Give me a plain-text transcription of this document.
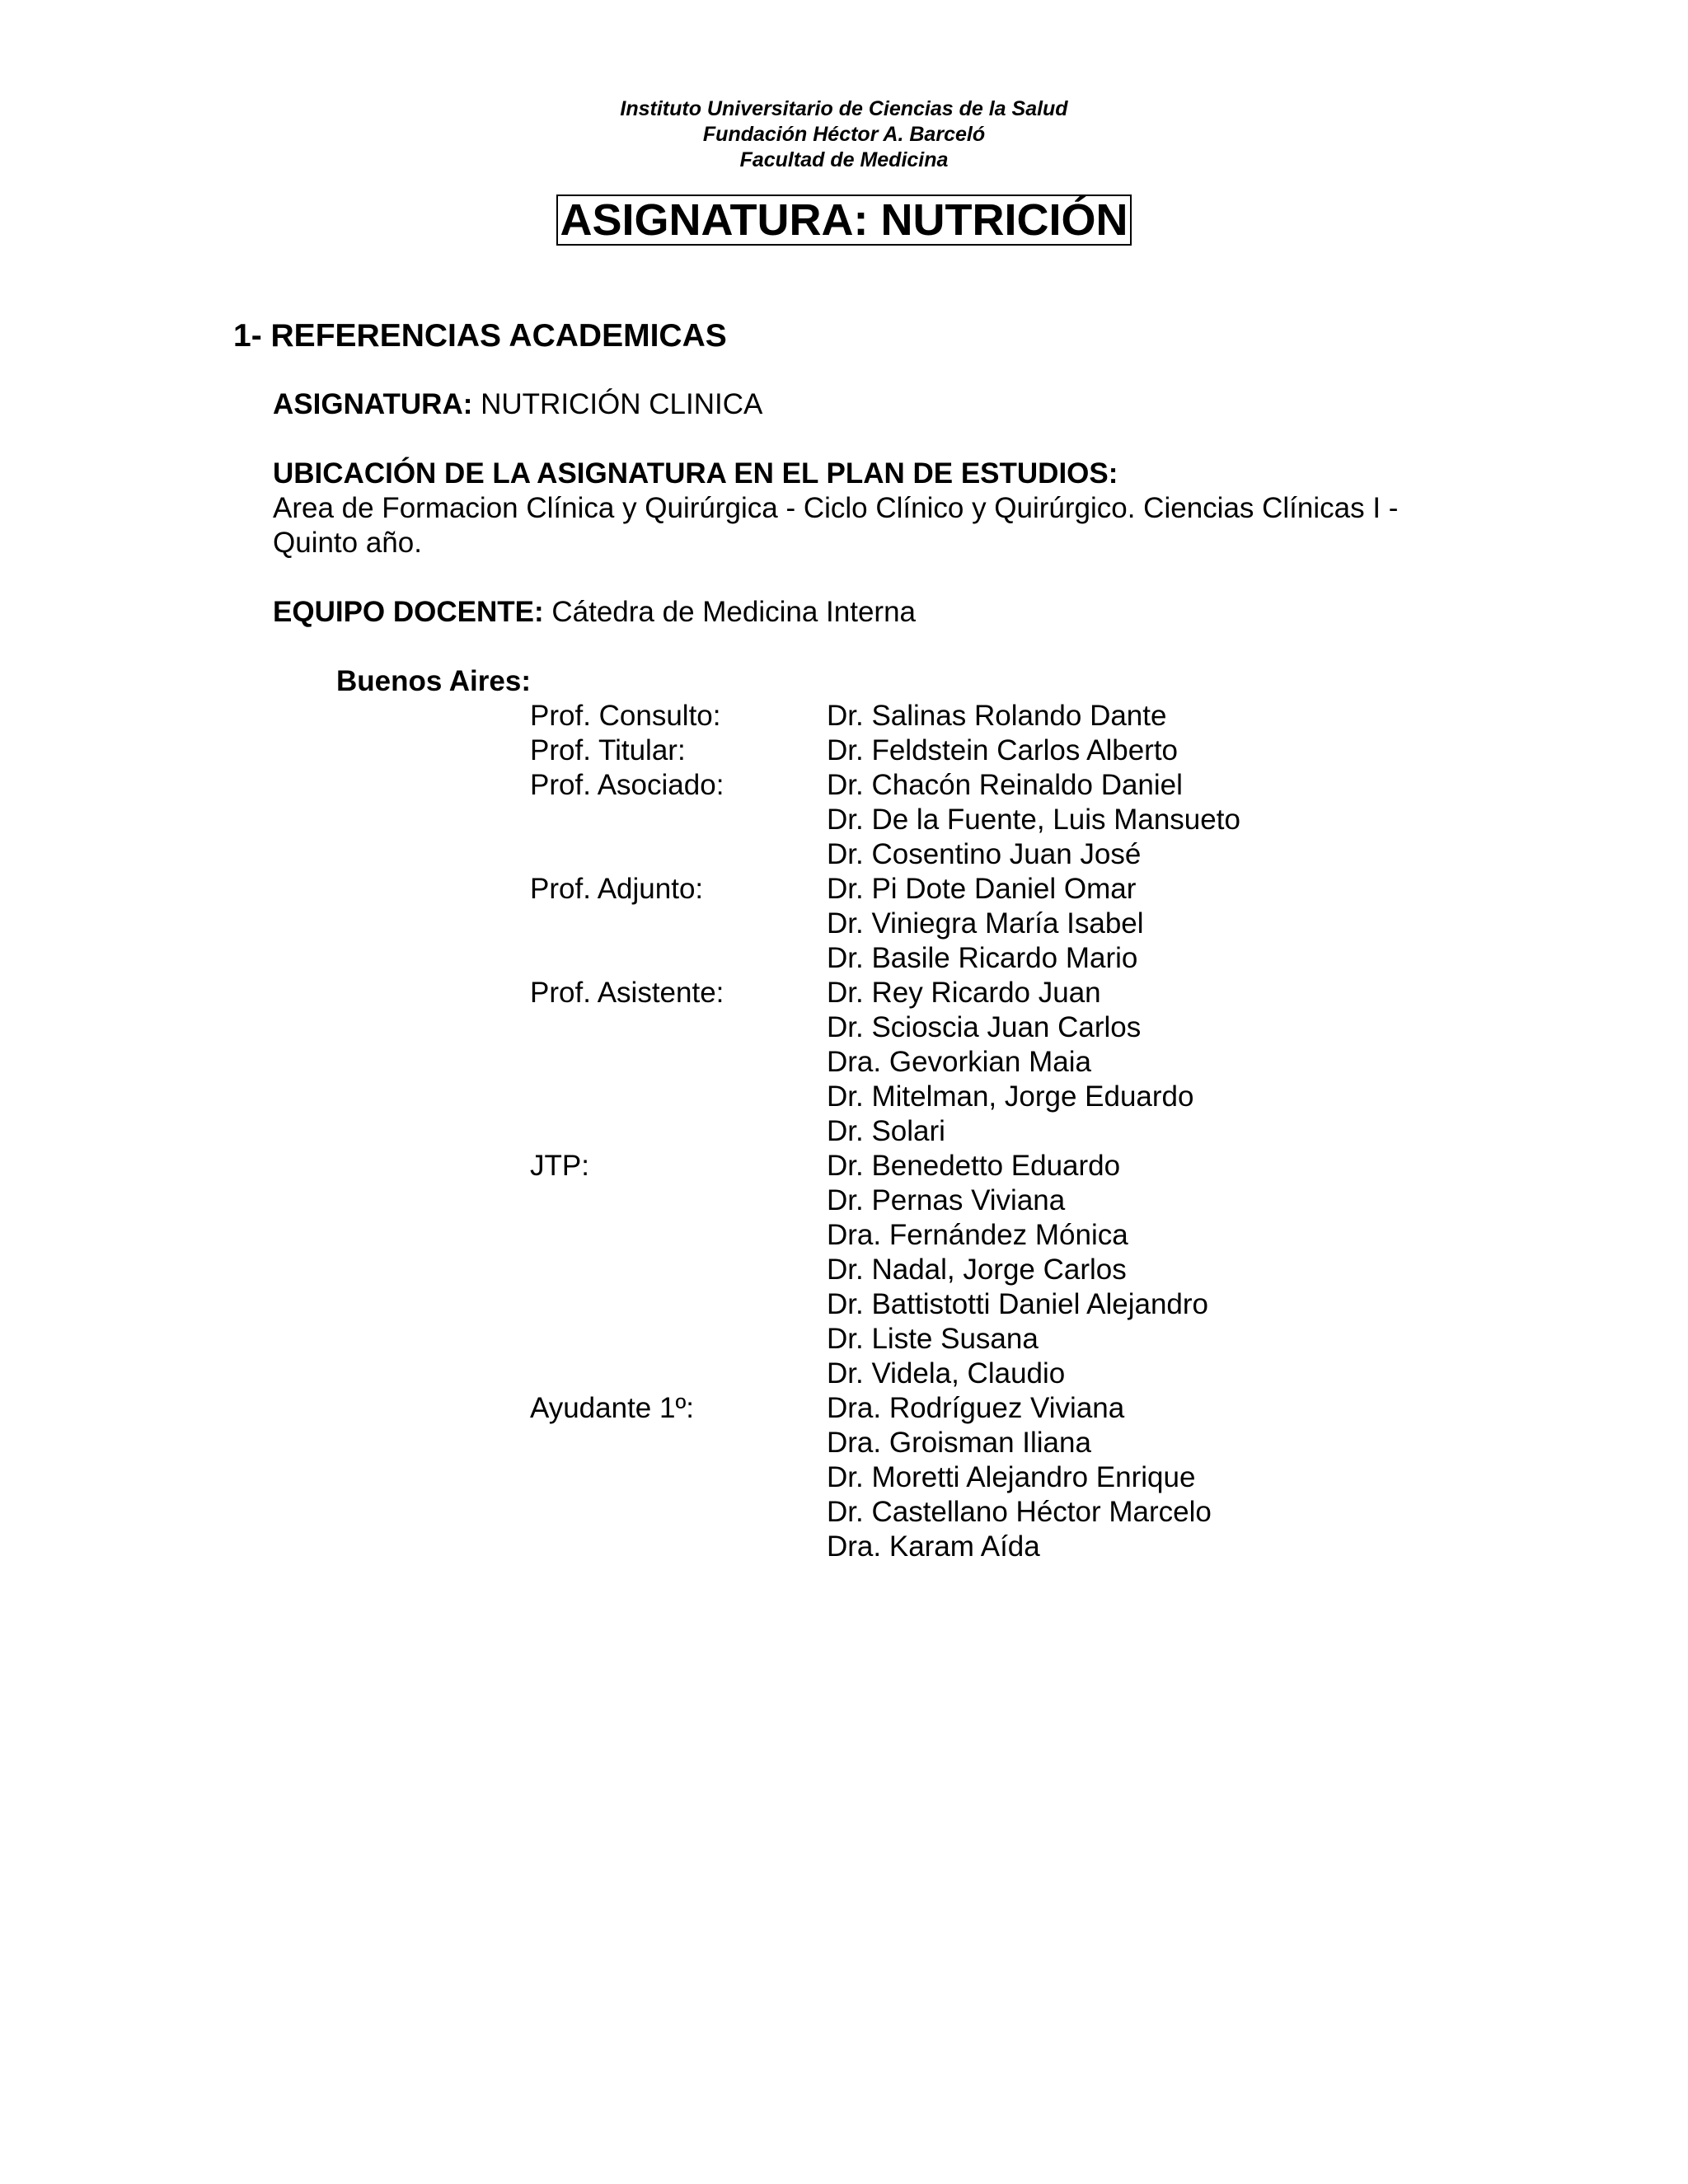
Instituto Universitario de Ciencias de la Salud
Fundación Héctor A. Barceló
Facultad de Medicina
ASIGNATURA: NUTRICIÓN
1- REFERENCIAS ACADEMICAS
ASIGNATURA: NUTRICIÓN CLINICA
UBICACIÓN DE LA ASIGNATURA EN EL PLAN DE ESTUDIOS:
Area de Formacion Clínica y Quirúrgica - Ciclo Clínico y Quirúrgico. Ciencias Clínicas I - Quinto año.
EQUIPO DOCENTE: Cátedra de Medicina Interna
Buenos Aires:
Prof. Consulto:	Dr. Salinas Rolando Dante
Prof. Titular:	Dr. Feldstein Carlos Alberto
Prof. Asociado:	Dr. Chacón Reinaldo Daniel
Dr. De la Fuente, Luis Mansueto
Dr. Cosentino Juan José
Prof. Adjunto:	Dr. Pi Dote Daniel Omar
Dr. Viniegra María Isabel
Dr. Basile Ricardo Mario
Prof. Asistente:	Dr. Rey Ricardo Juan
Dr. Scioscia Juan Carlos
Dra. Gevorkian Maia
Dr. Mitelman, Jorge Eduardo
Dr. Solari
JTP:	Dr. Benedetto Eduardo
Dr. Pernas Viviana
Dra. Fernández Mónica
Dr. Nadal, Jorge Carlos
Dr. Battistotti Daniel Alejandro
Dr. Liste Susana
Dr. Videla, Claudio
Ayudante 1º:	Dra. Rodríguez Viviana
Dra. Groisman Iliana
Dr. Moretti Alejandro Enrique
Dr. Castellano Héctor Marcelo
Dra. Karam Aída
